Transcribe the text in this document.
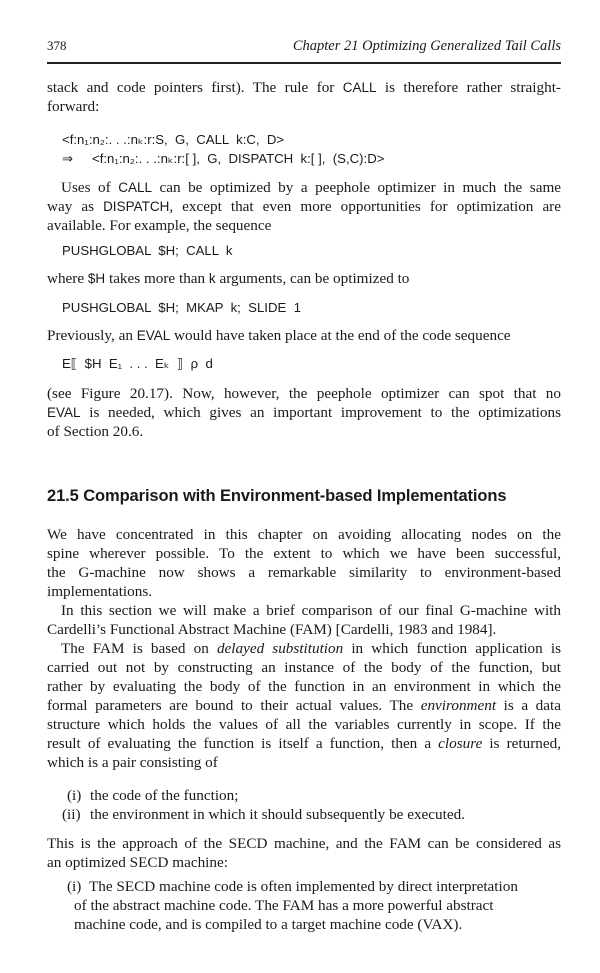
378	Chapter 21 Optimizing Generalized Tail Calls
stack and code pointers first). The rule for CALL is therefore rather straight-
forward:
<f:n₁:n₂:. . .:nₖ:r:S,  G,  CALL  k:C,  D>
⇒ <f:n₁:n₂:. . .:nₖ:r:[ ],  G,  DISPATCH  k:[ ],  (S,C):D>
Uses of CALL can be optimized by a peephole optimizer in much the same
way as DISPATCH, except that even more opportunities for optimization are
available. For example, the sequence
PUSHGLOBAL  $H;  CALL  k
where $H takes more than k arguments, can be optimized to
PUSHGLOBAL  $H;  MKAP  k;  SLIDE  1
Previously, an EVAL would have taken place at the end of the code sequence
E⟦  $H  E₁  . . .  Eₖ  ⟧  ρ  d
(see Figure 20.17). Now, however, the peephole optimizer can spot that no
EVAL is needed, which gives an important improvement to the optimizations
of Section 20.6.
21.5 Comparison with Environment-based Implementations
We have concentrated in this chapter on avoiding allocating nodes on the
spine wherever possible. To the extent to which we have been successful,
the G-machine now shows a remarkable similarity to environment-based
implementations.
In this section we will make a brief comparison of our final G-machine with
Cardelli’s Functional Abstract Machine (FAM) [Cardelli, 1983 and 1984].
The FAM is based on delayed substitution in which function application is
carried out not by constructing an instance of the body of the function, but
rather by evaluating the body of the function in an environment in which the
formal parameters are bound to their actual values. The environment is a data
structure which holds the values of all the variables currently in scope. If the
result of evaluating the function is itself a function, then a closure is returned,
which is a pair consisting of
(i) the code of the function;
(ii) the environment in which it should subsequently be executed.
This is the approach of the SECD machine, and the FAM can be considered as
an optimized SECD machine:
(i) The SECD machine code is often implemented by direct interpretation
of the abstract machine code. The FAM has a more powerful abstract
machine code, and is compiled to a target machine code (VAX).
